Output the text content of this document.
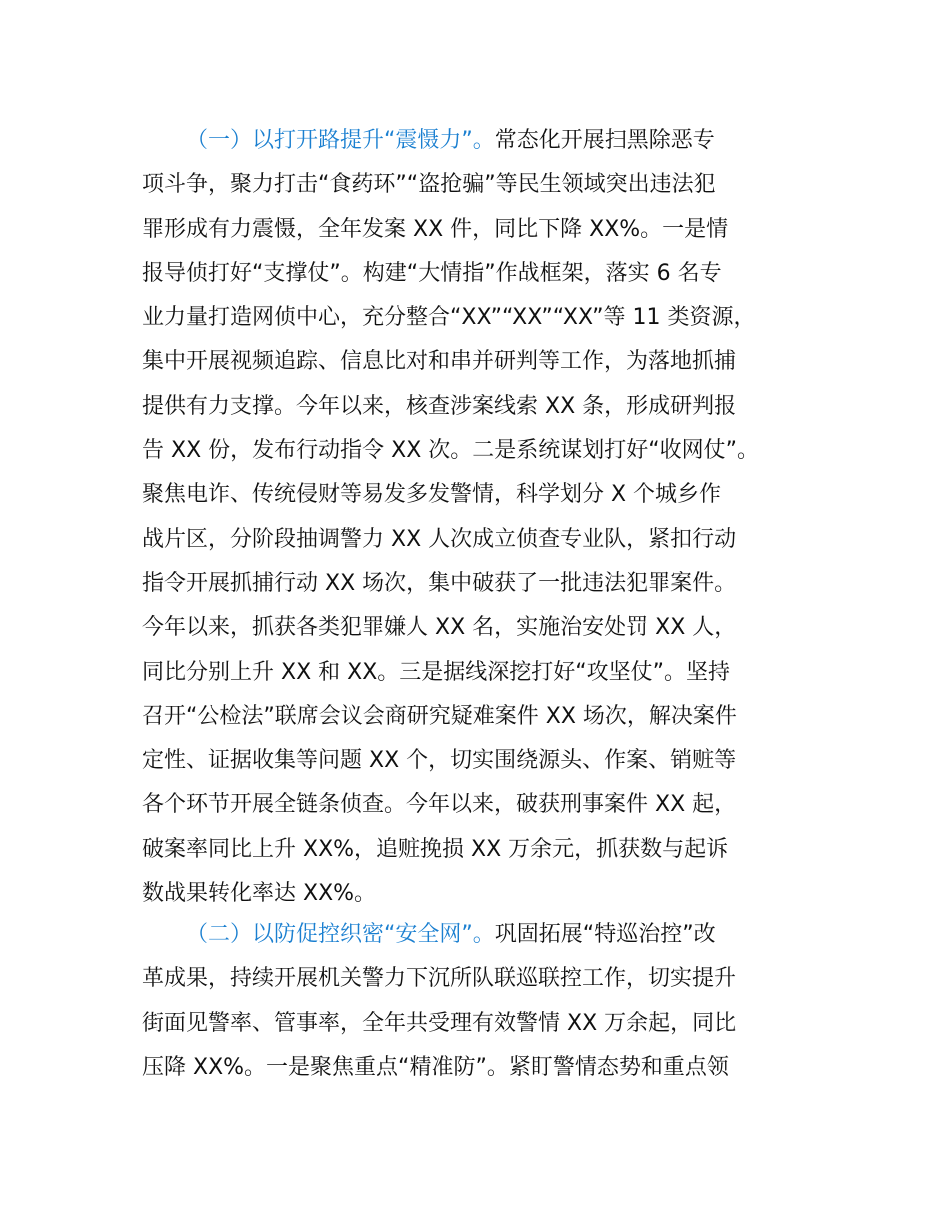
（一）以打开路提升“震慑力”。常态化开展扫黑除恶专
项斗争，聚力打击“食药环”“盗抢骗”等民生领域突出违法犯
罪形成有力震慑，全年发案 XX 件，同比下降 XX%。一是情
报导侦打好“支撑仗”。构建“大情指”作战框架，落实 6 名专
业力量打造网侦中心，充分整合“XX”“XX”“XX”等 11 类资源，
集中开展视频追踪、信息比对和串并研判等工作，为落地抓捕
提供有力支撑。今年以来，核查涉案线索 XX 条，形成研判报
告 XX 份，发布行动指令 XX 次。二是系统谋划打好“收网仗”。
聚焦电诈、传统侵财等易发多发警情，科学划分 X 个城乡作
战片区，分阶段抽调警力 XX 人次成立侦查专业队，紧扣行动
指令开展抓捕行动 XX 场次，集中破获了一批违法犯罪案件。
今年以来，抓获各类犯罪嫌人 XX 名，实施治安处罚 XX 人，
同比分别上升 XX 和 XX。三是据线深挖打好“攻坚仗”。坚持
召开“公检法”联席会议会商研究疑难案件 XX 场次，解决案件
定性、证据收集等问题 XX 个，切实围绕源头、作案、销赃等
各个环节开展全链条侦查。今年以来，破获刑事案件 XX 起，
破案率同比上升 XX%，追赃挽损 XX 万余元，抓获数与起诉
数战果转化率达 XX%。
（二）以防促控织密“安全网”。巩固拓展“特巡治控”改
革成果，持续开展机关警力下沉所队联巡联控工作，切实提升
街面见警率、管事率，全年共受理有效警情 XX 万余起，同比
压降 XX%。一是聚焦重点“精准防”。紧盯警情态势和重点领
